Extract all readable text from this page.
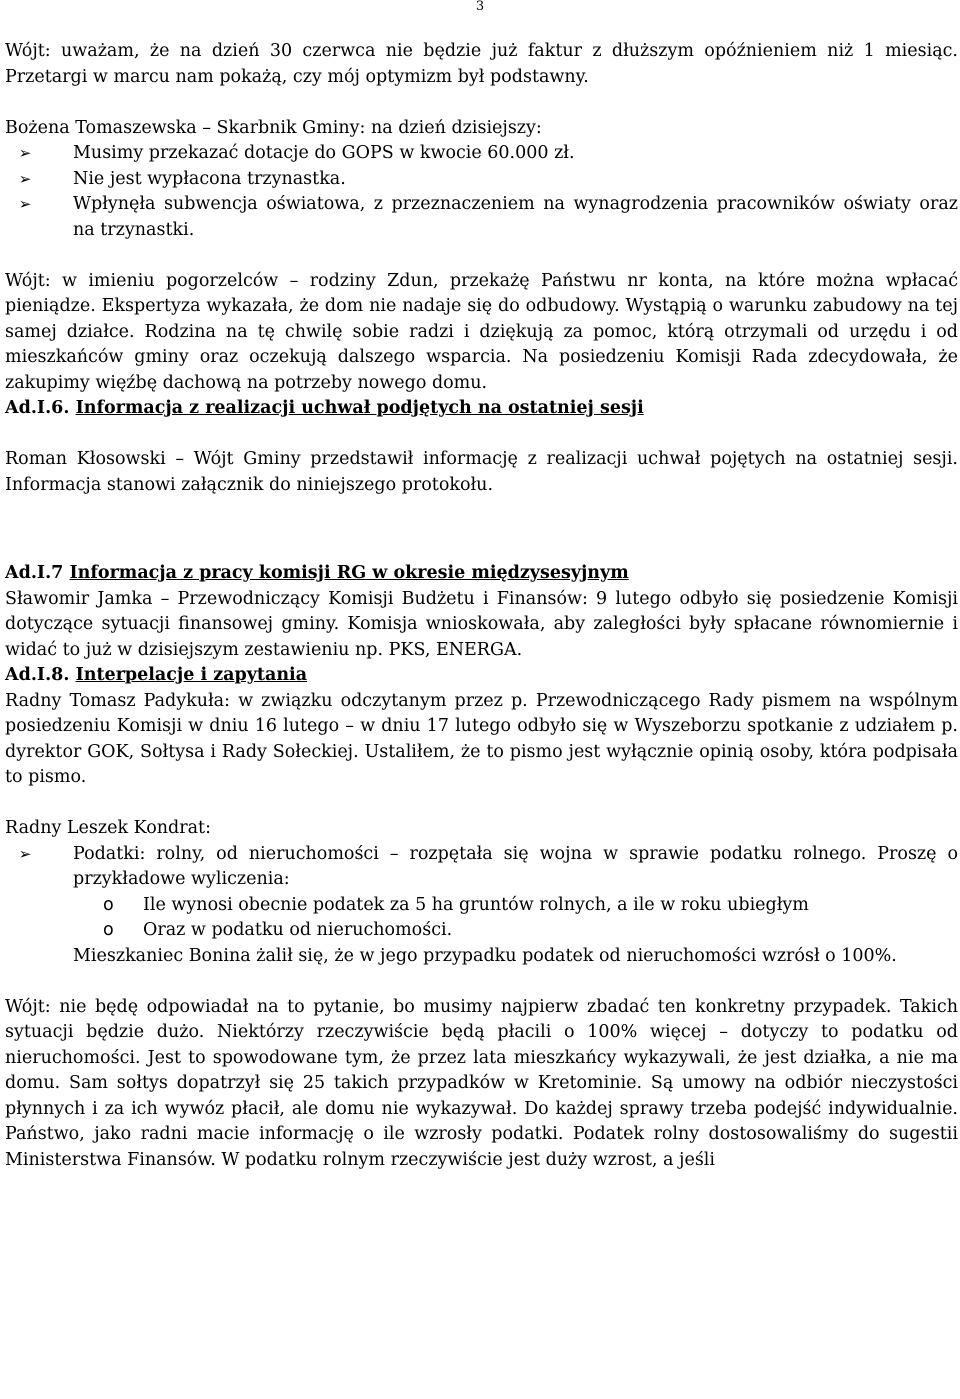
3

Wójt: uważam, że na dzień 30 czerwca nie będzie już faktur z dłuższym opóźnieniem niż 1 miesiąc. Przetargi w marcu nam pokażą, czy mój optymizm był podstawny.

Bożena Tomaszewska – Skarbnik Gminy: na dzień dzisiejszy:

➢	Musimy przekazać dotacje do GOPS w kwocie 60.000 zł.
➢	Nie jest wypłacona trzynastka.
➢	Wpłynęła subwencja oświatowa, z przeznaczeniem na wynagrodzenia pracowników oświaty oraz na trzynastki.

Wójt: w imieniu pogorzelców – rodziny Zdun, przekażę Państwu nr konta, na które można wpłacać pieniądze. Ekspertyza wykazała, że dom nie nadaje się do odbudowy. Wystąpią o warunku zabudowy na tej samej działce. Rodzina na tę chwilę sobie radzi i dziękują za pomoc, którą otrzymali od urzędu i od mieszkańców gminy oraz oczekują dalszego wsparcia. Na posiedzeniu Komisji Rada zdecydowała, że zakupimy więźbę dachową na potrzeby nowego domu.

Ad.I.6. Informacja z realizacji uchwał podjętych na ostatniej sesji

Roman Kłosowski – Wójt Gminy przedstawił informację z realizacji uchwał pojętych na ostatniej sesji. Informacja stanowi załącznik do niniejszego protokołu.

Ad.I.7 Informacja z pracy komisji RG w okresie międzysesyjnym

Sławomir Jamka – Przewodniczący Komisji Budżetu i Finansów: 9 lutego odbyło się posiedzenie Komisji dotyczące sytuacji finansowej gminy. Komisja wnioskowała, aby zaległości były spłacane równomiernie i widać to już w dzisiejszym zestawieniu np. PKS, ENERGA.

Ad.I.8. Interpelacje i zapytania

Radny Tomasz Padykuła: w związku odczytanym przez p. Przewodniczącego Rady pismem na wspólnym posiedzeniu Komisji w dniu 16 lutego – w dniu 17 lutego odbyło się w Wyszeborzu spotkanie z udziałem p. dyrektor GOK, Sołtysa i Rady Sołeckiej. Ustaliłem, że to pismo jest wyłącznie opinią osoby, która podpisała to pismo.

Radny Leszek Kondrat:

➢	Podatki: rolny, od nieruchomości – rozpętała się wojna w sprawie podatku rolnego. Proszę o przykładowe wyliczenia:
o Ile wynosi obecnie podatek za 5 ha gruntów rolnych, a ile w roku ubiegłym
o Oraz w podatku od nieruchomości.

Mieszkaniec Bonina żalił się, że w jego przypadku podatek od nieruchomości wzrósł o 100%.

Wójt: nie będę odpowiadał na to pytanie, bo musimy najpierw zbadać ten konkretny przypadek. Takich sytuacji będzie dużo. Niektórzy rzeczywiście będą płacili o 100% więcej – dotyczy to podatku od nieruchomości. Jest to spowodowane tym, że przez lata mieszkańcy wykazywali, że jest działka, a nie ma domu. Sam sołtys dopatrzył się 25 takich przypadków w Kretominie. Są umowy na odbiór nieczystości płynnych i za ich wywóz płacił, ale domu nie wykazywał. Do każdej sprawy trzeba podejść indywidualnie. Państwo, jako radni macie informację o ile wzrosły podatki. Podatek rolny dostosowaliśmy do sugestii Ministerstwa Finansów. W podatku rolnym rzeczywiście jest duży wzrost, a jeśli
